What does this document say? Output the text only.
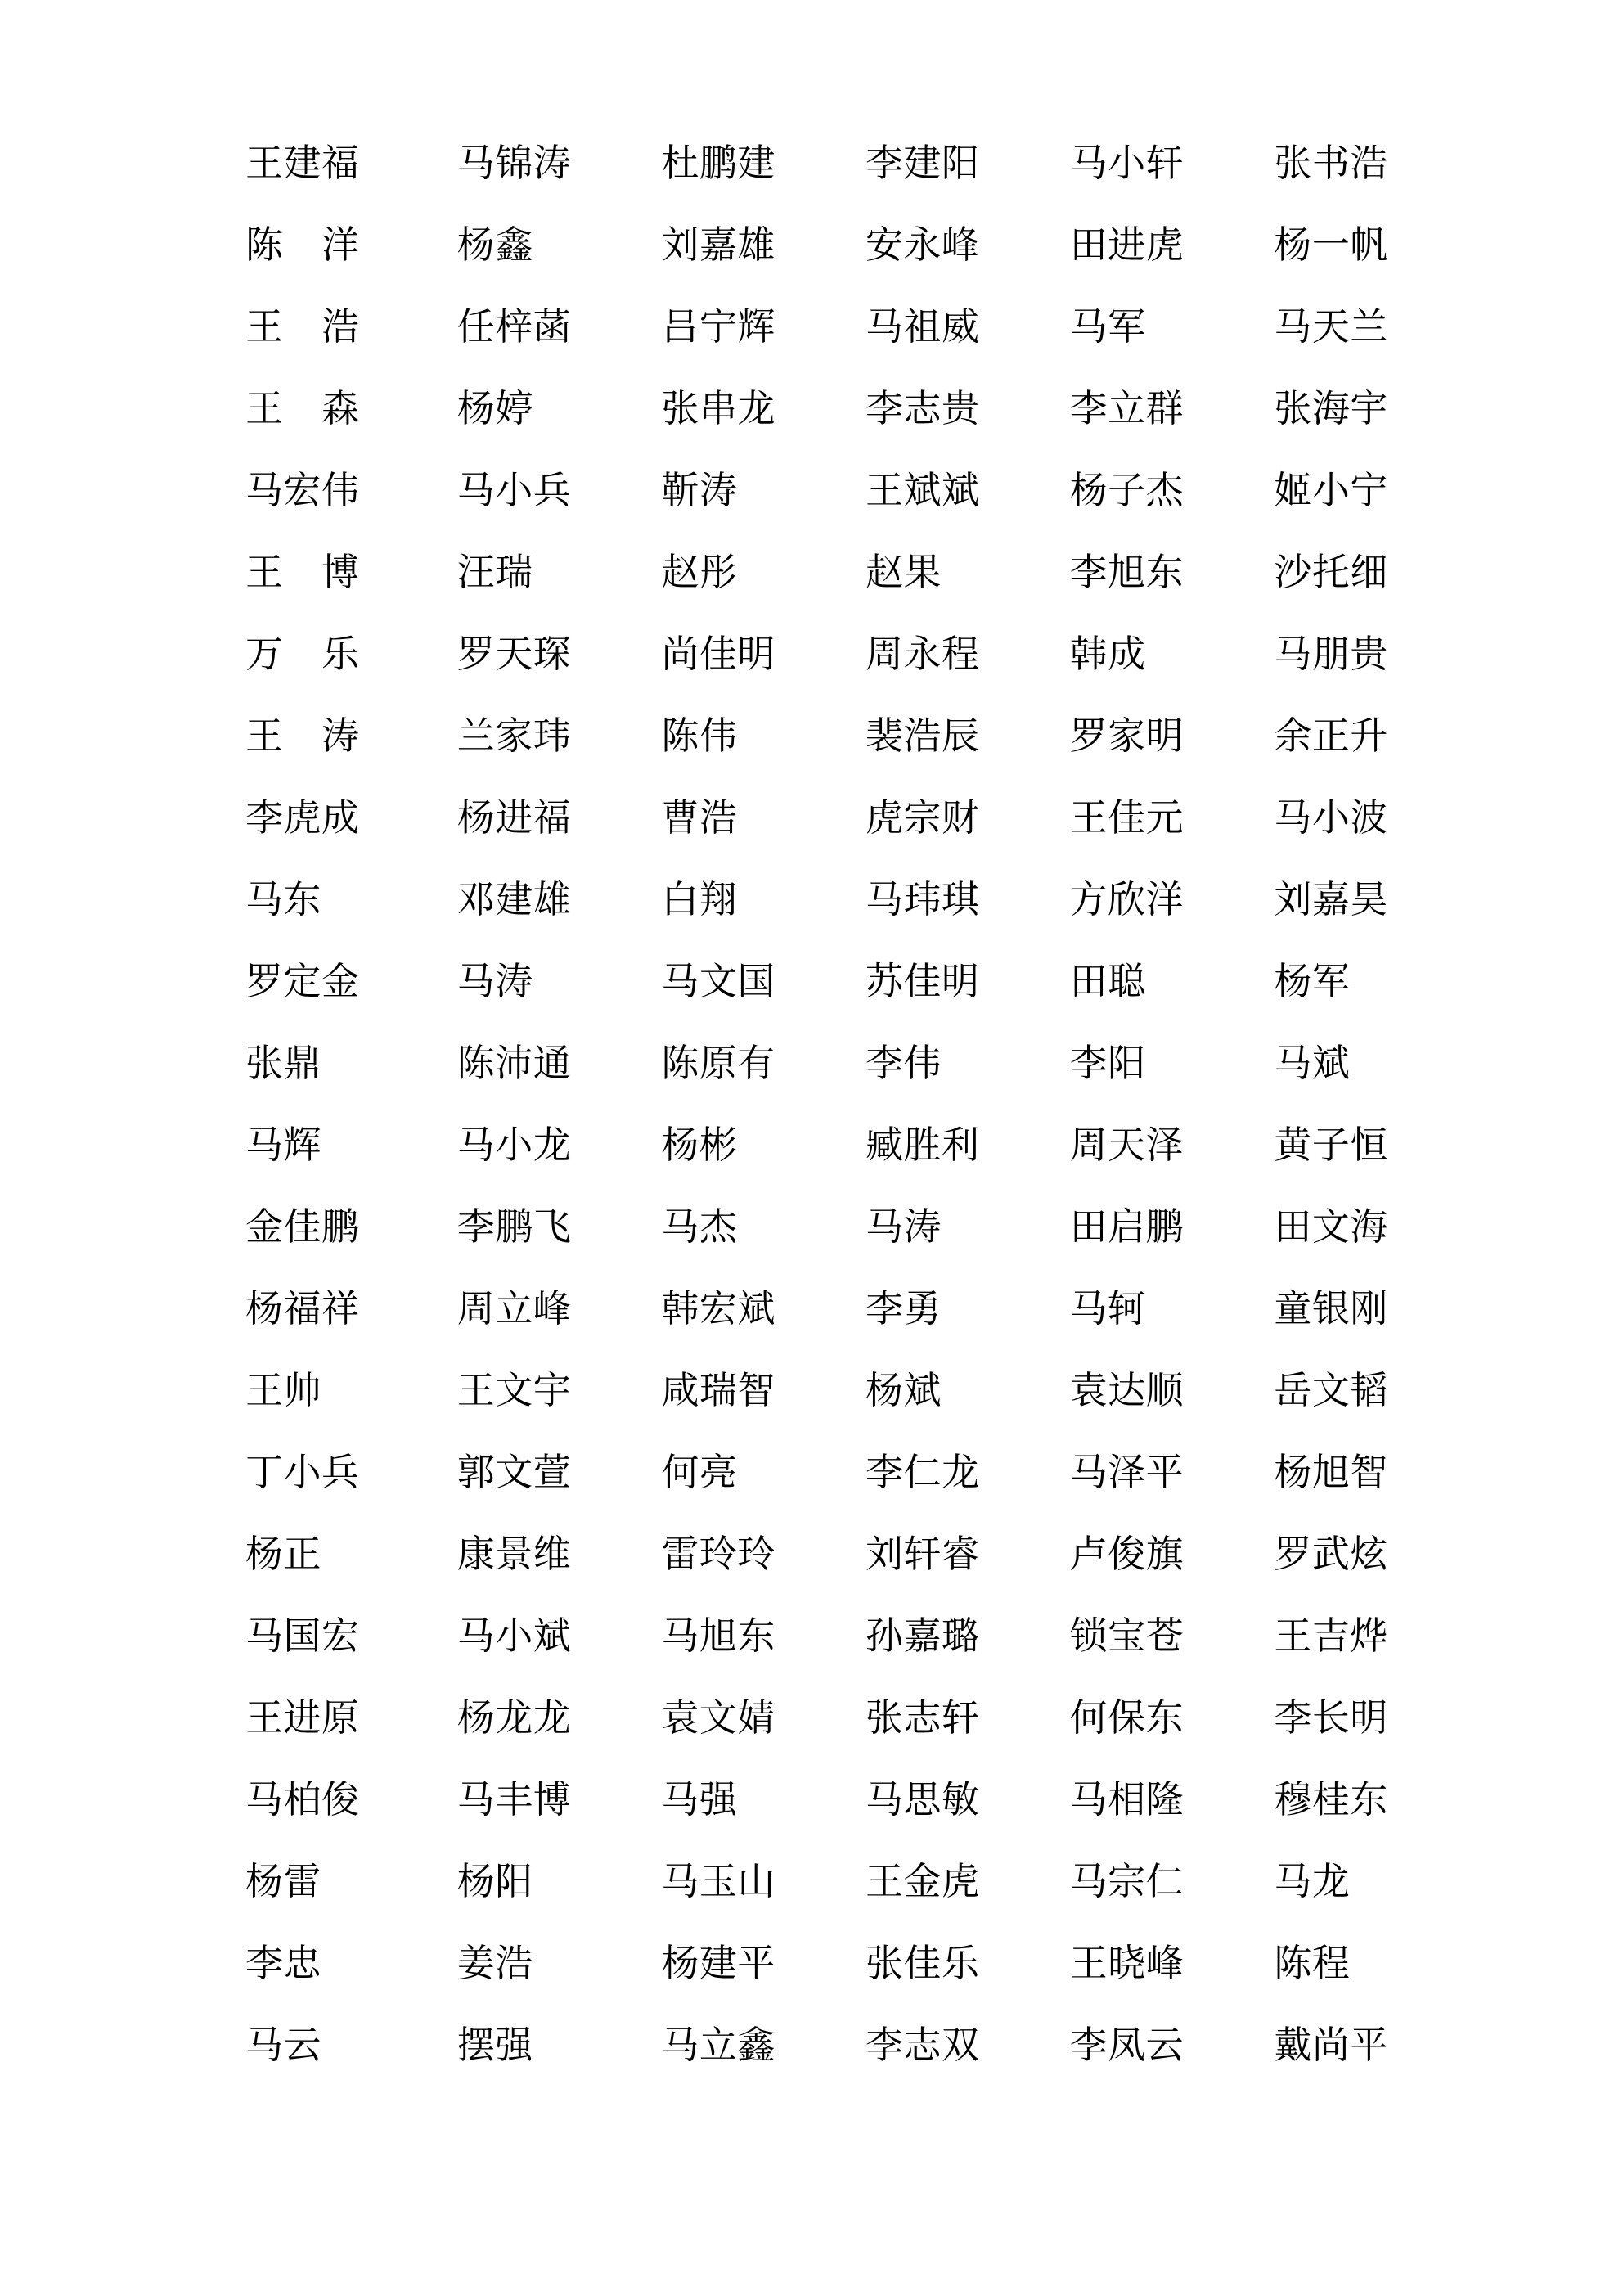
王建福	马锦涛	杜鹏建	李建阳	马小轩	张书浩
陈　洋	杨鑫	刘嘉雄	安永峰	田进虎	杨一帆
王　浩	任梓菡	吕宁辉	马祖威	马军	马天兰
王　森	杨婷	张串龙	李志贵	李立群	张海宇
马宏伟	马小兵	靳涛	王斌斌	杨子杰	姬小宁
王　博	汪瑞	赵彤	赵果	李旭东	沙托细
万　乐	罗天琛	尚佳明	周永程	韩成	马朋贵
王　涛	兰家玮	陈伟	裴浩辰	罗家明	余正升
李虎成	杨进福	曹浩	虎宗财	王佳元	马小波
马东	邓建雄	白翔	马玮琪	方欣洋	刘嘉昊
罗定金	马涛	马文国	苏佳明	田聪	杨军
张鼎	陈沛通	陈原有	李伟	李阳	马斌
马辉	马小龙	杨彬	臧胜利	周天泽	黄子恒
金佳鹏	李鹏飞	马杰	马涛	田启鹏	田文海
杨福祥	周立峰	韩宏斌	李勇	马轲	童银刚
王帅	王文宇	咸瑞智	杨斌	袁达顺	岳文韬
丁小兵	郭文萱	何亮	李仁龙	马泽平	杨旭智
杨正	康景维	雷玲玲	刘轩睿	卢俊旗	罗武炫
马国宏	马小斌	马旭东	孙嘉璐	锁宝苍	王吉烨
王进原	杨龙龙	袁文婧	张志轩	何保东	李长明
马柏俊	马丰博	马强	马思敏	马相隆	穆桂东
杨雷	杨阳	马玉山	王金虎	马宗仁	马龙
李忠	姜浩	杨建平	张佳乐	王晓峰	陈程
马云	摆强	马立鑫	李志双	李凤云	戴尚平
